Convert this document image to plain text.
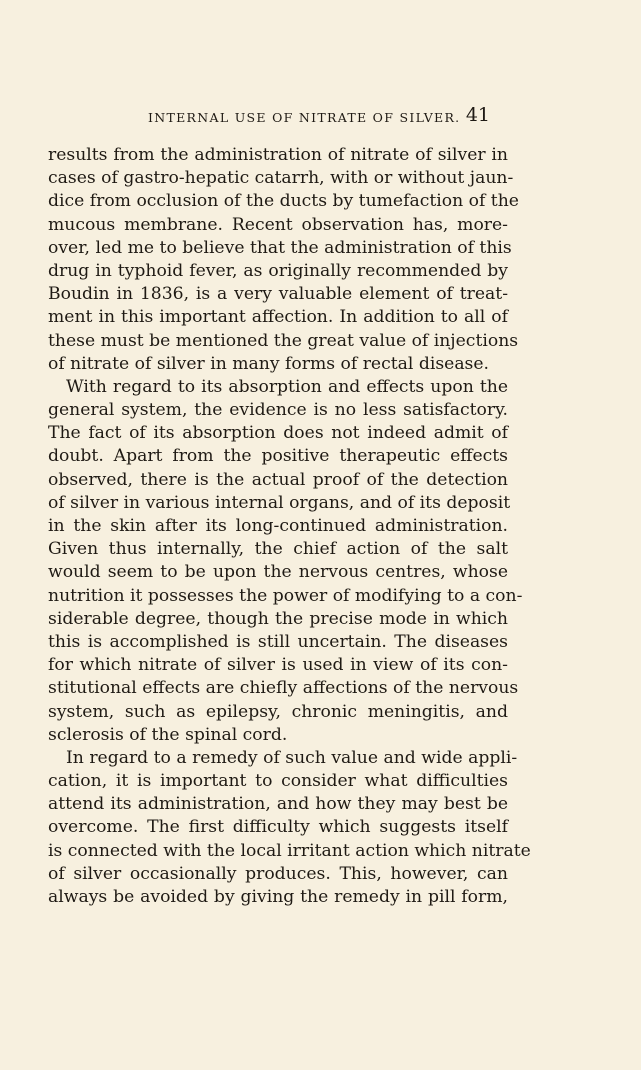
INTERNAL USE OF NITRATE OF SILVER. 41
results from the administration of nitrate of silver in
cases of gastro-hepatic catarrh, with or without jaun-
dice from occlusion of the ducts by tumefaction of the
mucous membrane. Recent observation has, more-
over, led me to believe that the administration of this
drug in typhoid fever, as originally recommended by
Boudin in 1836, is a very valuable element of treat-
ment in this important affection. In addition to all of
these must be mentioned the great value of injections
of nitrate of silver in many forms of rectal disease.
With regard to its absorption and effects upon the
general system, the evidence is no less satisfactory.
The fact of its absorption does not indeed admit of
doubt. Apart from the positive therapeutic effects
observed, there is the actual proof of the detection
of silver in various internal organs, and of its deposit
in the skin after its long-continued administration.
Given thus internally, the chief action of the salt
would seem to be upon the nervous centres, whose
nutrition it possesses the power of modifying to a con-
siderable degree, though the precise mode in which
this is accomplished is still uncertain. The diseases
for which nitrate of silver is used in view of its con-
stitutional effects are chiefly affections of the nervous
system, such as epilepsy, chronic meningitis, and
sclerosis of the spinal cord.
In regard to a remedy of such value and wide appli-
cation, it is important to consider what difficulties
attend its administration, and how they may best be
overcome. The first difficulty which suggests itself
is connected with the local irritant action which nitrate
of silver occasionally produces. This, however, can
always be avoided by giving the remedy in pill form,
